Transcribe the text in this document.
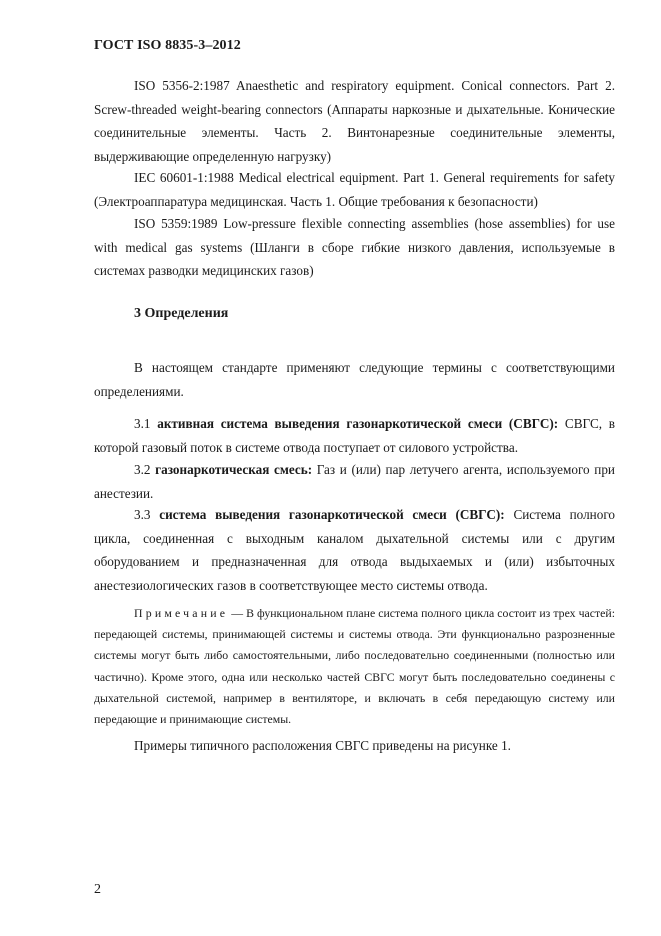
ГОСТ ISO 8835-3–2012

ISO 5356-2:1987 Anaesthetic and respiratory equipment. Conical connectors. Part 2. Screw-threaded weight-bearing connectors (Аппараты наркозные и дыхательные. Конические соединительные элементы. Часть 2. Винтонарезные соединительные элементы, выдерживающие определенную нагрузку)

IEC 60601-1:1988 Medical electrical equipment. Part 1. General requirements for safety (Электроаппаратура медицинская. Часть 1. Общие требования к безопасности)

ISO 5359:1989 Low-pressure flexible connecting assemblies (hose assemblies) for use with medical gas systems (Шланги в сборе гибкие низкого давления, используемые в системах разводки медицинских газов)

3 Определения

В настоящем стандарте применяют следующие термины с соответствующими определениями.

3.1 активная система выведения газонаркотической смеси (СВГС): СВГС, в которой газовый поток в системе отвода поступает от силового устройства.

3.2 газонаркотическая смесь: Газ и (или) пар летучего агента, используемого при анестезии.

3.3 система выведения газонаркотической смеси (СВГС): Система полного цикла, соединенная с выходным каналом дыхательной системы или с другим оборудованием и предназначенная для отвода выдыхаемых и (или) избыточных анестезиологических газов в соответствующее место системы отвода.

Примечание — В функциональном плане система полного цикла состоит из трех частей: передающей системы, принимающей системы и системы отвода. Эти функционально разрозненные системы могут быть либо самостоятельными, либо последовательно соединенными (полностью или частично). Кроме этого, одна или несколько частей СВГС могут быть последовательно соединены с дыхательной системой, например в вентиляторе, и включать в себя передающую систему или передающие и принимающие системы.

Примеры типичного расположения СВГС приведены на рисунке 1.

2
